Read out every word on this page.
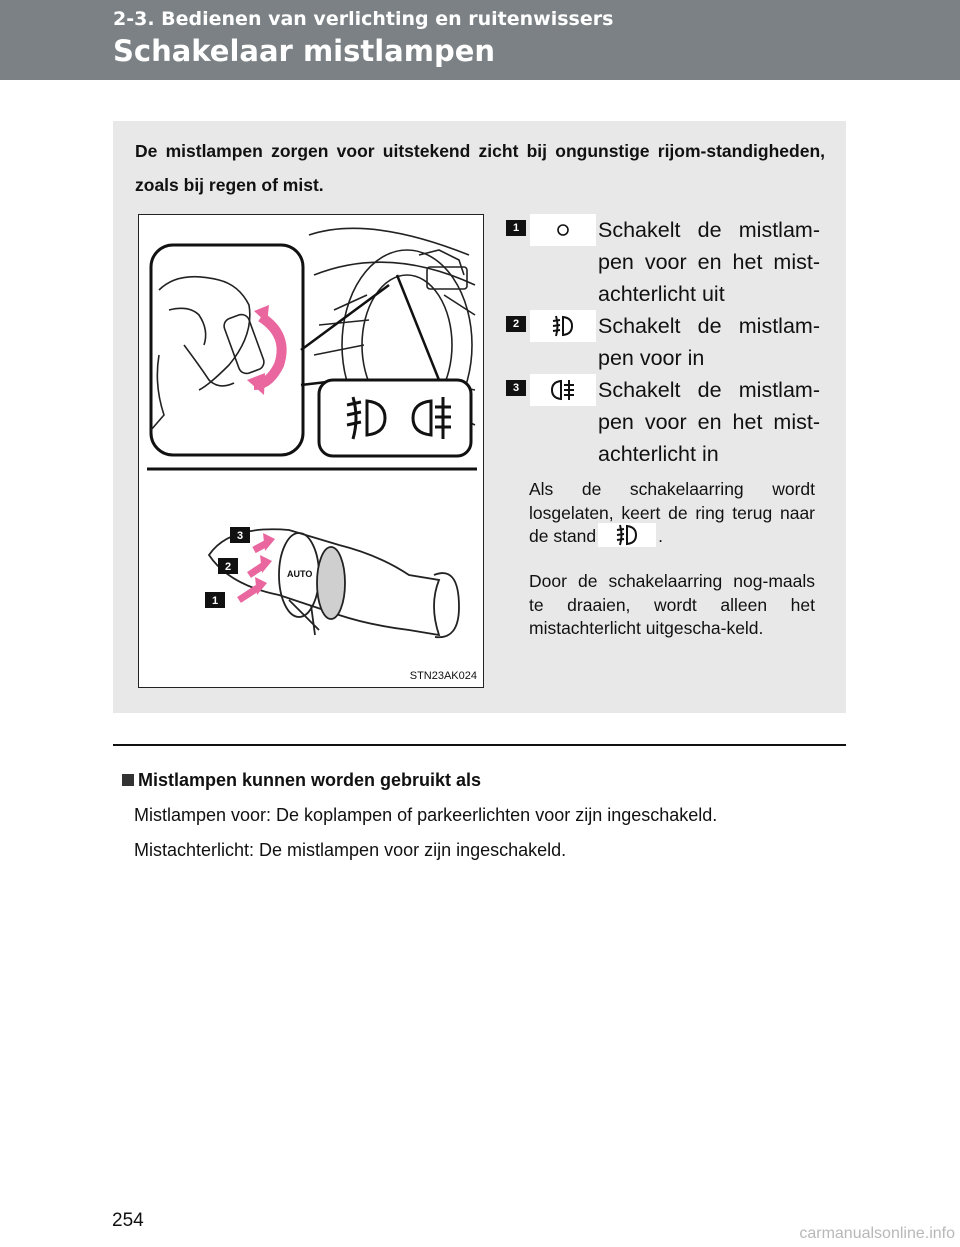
2-3. Bedienen van verlichting en ruitenwissers
Schakelaar mistlampen
De mistlampen zorgen voor uitstekend zicht bij ongunstige rijom-standigheden, zoals bij regen of mist.
AUTO
3
2
1
STN23AK024
1	Schakelt de mistlam-pen voor en het mist-achterlicht uit
2	Schakelt de mistlam-pen voor in
3	Schakelt de mistlam-pen voor en het mist-achterlicht in
Als de schakelaarring wordt losgelaten, keert de ring terug naar de stand	.
Door de schakelaarring nog-maals te draaien, wordt alleen het mistachterlicht uitgescha-keld.
Mistlampen kunnen worden gebruikt als
Mistlampen voor: De koplampen of parkeerlichten voor zijn ingeschakeld.
Mistachterlicht: De mistlampen voor zijn ingeschakeld.
254
carmanualsonline.info
